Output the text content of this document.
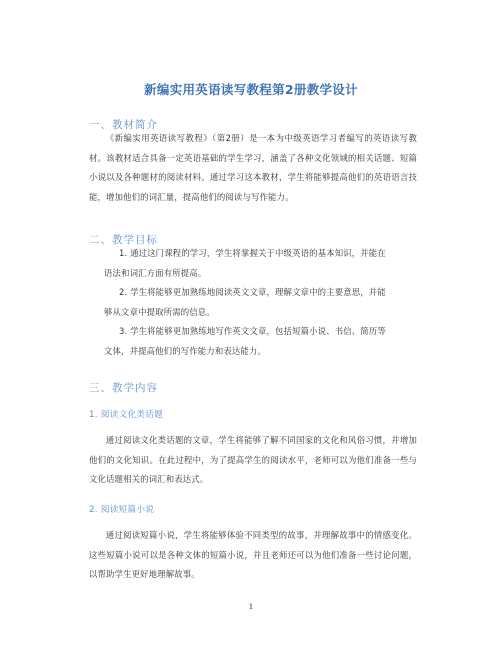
新编实用英语读写教程第2册教学设计
一、教材简介
《新编实用英语读写教程》（第2册）是一本为中级英语学习者编写的英语读写教材。该教材适合具备一定英语基础的学生学习，涵盖了各种文化领域的相关话题、短篇小说以及各种题材的阅读材料。通过学习这本教材，学生将能够提高他们的英语语言技能，增加他们的词汇量，提高他们的阅读与写作能力。
二、教学目标
1. 通过这门课程的学习，学生将掌握关于中级英语的基本知识，并能在
语法和词汇方面有所提高。
2. 学生将能够更加熟练地阅读英文文章，理解文章中的主要意思，并能
够从文章中提取所需的信息。
3. 学生将能够更加熟练地写作英文文章，包括短篇小说、书信、简历等
文体，并提高他们的写作能力和表达能力。
三、教学内容
1. 阅读文化类话题
通过阅读文化类话题的文章，学生将能够了解不同国家的文化和风俗习惯，并增加他们的文化知识。在此过程中，为了提高学生的阅读水平，老师可以为他们准备一些与文化话题相关的词汇和表达式。
2. 阅读短篇小说
通过阅读短篇小说，学生将能够体验不同类型的故事，并理解故事中的情感变化。这些短篇小说可以是各种文体的短篇小说，并且老师还可以为他们准备一些讨论问题，以帮助学生更好地理解故事。
1
